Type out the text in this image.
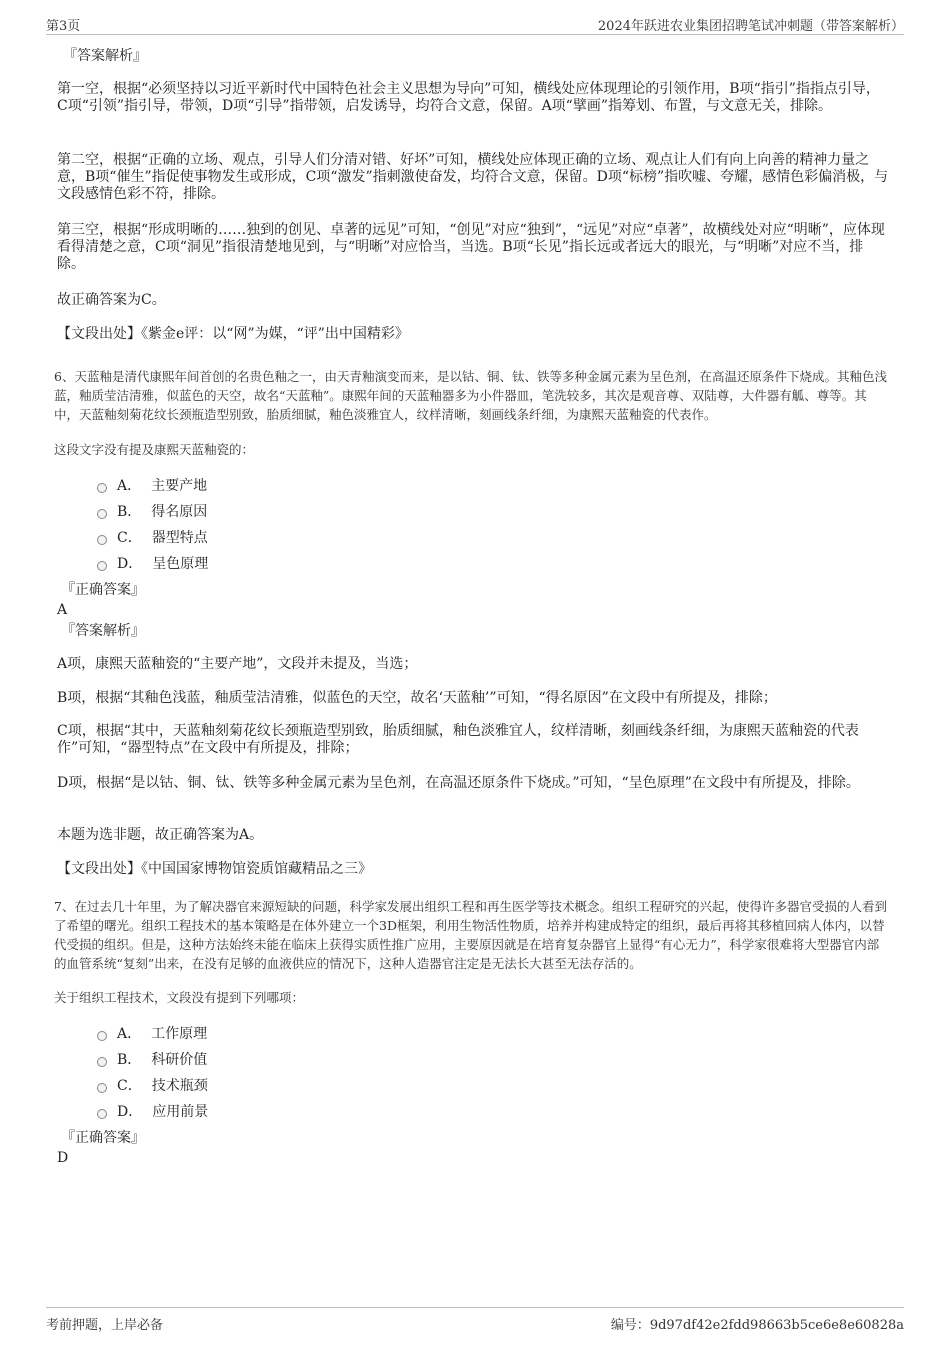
第3页	2024年跃进农业集团招聘笔试冲刺题（带答案解析）
『答案解析』
第一空，根据“必须坚持以习近平新时代中国特色社会主义思想为导向”可知，横线处应体现理论的引领作用，B项“指引”指指点引导，C项“引领”指引导，带领，D项“引导”指带领，启发诱导，均符合文意，保留。A项“擘画”指筹划、布置，与文意无关，排除。
第二空，根据“正确的立场、观点，引导人们分清对错、好坏”可知，横线处应体现正确的立场、观点让人们有向上向善的精神力量之意，B项“催生”指促使事物发生或形成，C项“激发”指刺激使奋发，均符合文意，保留。D项“标榜”指吹嘘、夸耀，感情色彩偏消极，与文段感情色彩不符，排除。
第三空，根据“形成明晰的……独到的创见、卓著的远见”可知，“创见”对应“独到”，“远见”对应“卓著”，故横线处对应“明晰”，应体现看得清楚之意，C项“洞见”指很清楚地见到，与“明晰”对应恰当，当选。B项“长见”指长远或者远大的眼光，与“明晰”对应不当，排除。
故正确答案为C。
【文段出处】《紫金e评：以“网”为媒，“评”出中国精彩》
6、天蓝釉是清代康熙年间首创的名贵色釉之一，由天青釉演变而来，是以钴、铜、钛、铁等多种金属元素为呈色剂，在高温还原条件下烧成。其釉色浅蓝，釉质莹洁清雅，似蓝色的天空，故名“天蓝釉”。康熙年间的天蓝釉器多为小件器皿，笔洗较多，其次是观音尊、双陆尊，大件器有觚、尊等。其中，天蓝釉刻菊花纹长颈瓶造型别致，胎质细腻，釉色淡雅宜人，纹样清晰，刻画线条纤细，为康熙天蓝釉瓷的代表作。
这段文字没有提及康熙天蓝釉瓷的：
A． 主要产地
B． 得名原因
C． 器型特点
D． 呈色原理
『正确答案』
A
『答案解析』
A项，康熙天蓝釉瓷的“主要产地”，文段并未提及，当选；
B项，根据“其釉色浅蓝，釉质莹洁清雅，似蓝色的天空，故名‘天蓝釉’”可知，“得名原因”在文段中有所提及，排除；
C项，根据“其中，天蓝釉刻菊花纹长颈瓶造型别致，胎质细腻，釉色淡雅宜人，纹样清晰，刻画线条纤细，为康熙天蓝釉瓷的代表作”可知，“器型特点”在文段中有所提及，排除；
D项，根据“是以钴、铜、钛、铁等多种金属元素为呈色剂，在高温还原条件下烧成。”可知，“呈色原理”在文段中有所提及，排除。
本题为选非题，故正确答案为A。
【文段出处】《中国国家博物馆瓷质馆藏精品之三》
7、在过去几十年里，为了解决器官来源短缺的问题，科学家发展出组织工程和再生医学等技术概念。组织工程研究的兴起，使得许多器官受损的人看到了希望的曙光。组织工程技术的基本策略是在体外建立一个3D框架，利用生物活性物质，培养并构建成特定的组织，最后再将其移植回病人体内，以替代受损的组织。但是，这种方法始终未能在临床上获得实质性推广应用，主要原因就是在培育复杂器官上显得“有心无力”，科学家很难将大型器官内部的血管系统“复刻”出来，在没有足够的血液供应的情况下，这种人造器官注定是无法长大甚至无法存活的。
关于组织工程技术，文段没有提到下列哪项：
A． 工作原理
B． 科研价值
C． 技术瓶颈
D． 应用前景
『正确答案』
D
考前押题，上岸必备	编号：9d97df42e2fdd98663b5ce6e8e60828a
